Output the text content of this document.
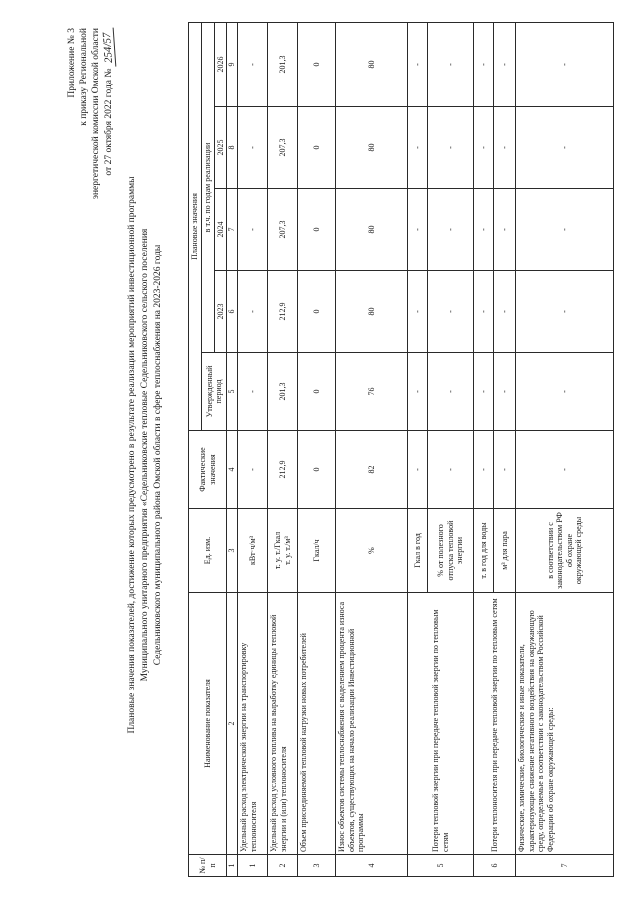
Приложение № 3 к приказу Региональной энергетической комиссии Омской области от 27 октября 2022 года №254/57
Плановые значения показателей, достижение которых предусмотрено в результате реализации мероприятий инвестиционной программы Муниципального унитарного предприятия «Седельниковские тепловые Седельниковского сельского поселения Седельниковского муниципального района Омской области в сфере теплоснабжения на 2023-2026 годы
№ п/п	Наименование показателя	Ед. изм.	Фактические значения	Плановые значения				
				Утвержденный период	в т.ч. по годам реализации			
					2023	2024	2025	2026
1	2	3	4	5	6	7	8	9
1	Удельный расход электрической энергии на транспортировку теплоносителя	кВт·ч/м³	-	-	-	-	-	-
2	Удельный расход условного топлива на выработку единицы тепловой энергии и (или) теплоносителя	т. у. т./Гкал т. у. т./м³	212,9	201,3	212,9	207,3	207,3	201,3
3	Объем присоединяемой тепловой нагрузки новых потребителей	Гкал/ч	0	0	0	0	0	0
4	Износ объектов системы теплоснабжения с выделением процента износа объектов, существующих на начало реализации Инвестиционной программы	%	82	76	80	80	80	80
5	Потери тепловой энергии при передаче тепловой энергии по тепловым сетям	Гкал в год	-	-	-	-	-	-
		% от полезного отпуска тепловой энергии	-	-	-	-	-	-
6	Потери теплоносителя при передаче тепловой энергии по тепловым сетям	т. в год для воды	-	-	-	-	-	-
		м³ для пара	-	-	-	-	-	-
7	Физические, химические, биологические и иные показатели, характеризующие снижение негативного воздействия на окружающую среду, определяемые в соответствии с законодательством Российской Федерации об охране окружающей среды:	в соответствии с законодательством РФ об охране окружающей среды	-	-	-	-	-	-
